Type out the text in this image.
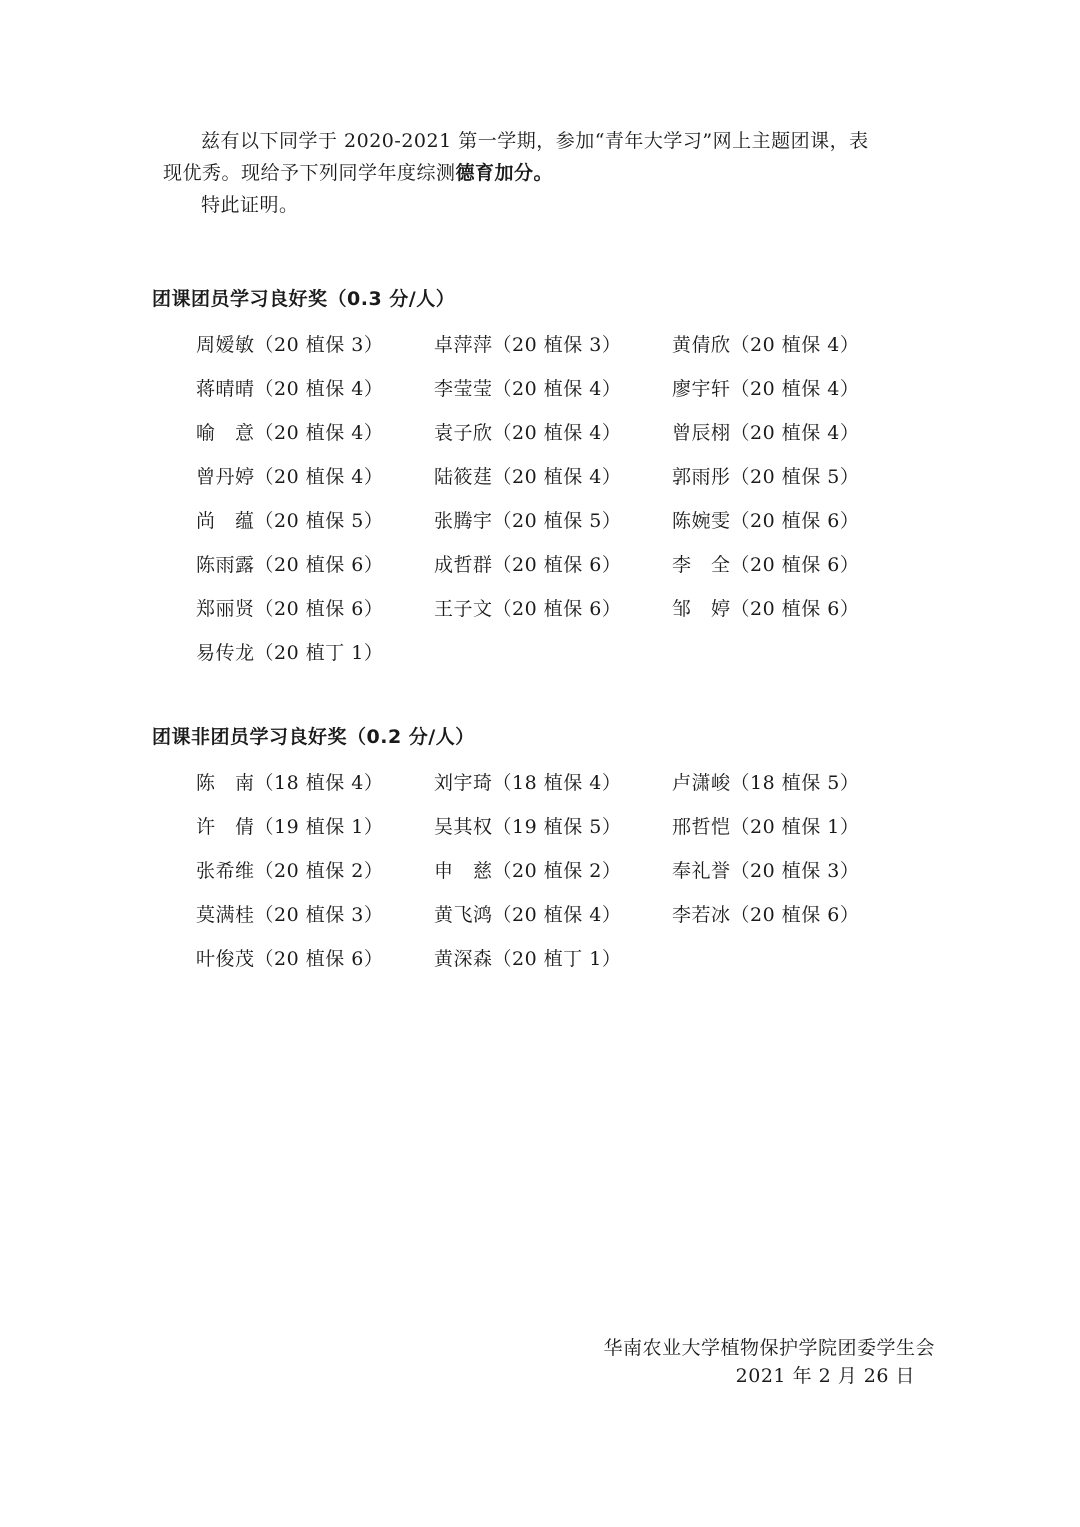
兹有以下同学于 2020-2021 第一学期，参加“青年大学习”网上主题团课，表

现优秀。现给予下列同学年度综测德育加分。

特此证明。

团课团员学习良好奖（0.3 分/人）
周嫒敏（20 植保 3）	卓萍萍（20 植保 3）	黄倩欣（20 植保 4）
蒋晴晴（20 植保 4）	李莹莹（20 植保 4）	廖宇轩（20 植保 4）
喻　意（20 植保 4）	袁子欣（20 植保 4）	曾辰栩（20 植保 4）
曾丹婷（20 植保 4）	陆筱莛（20 植保 4）	郭雨彤（20 植保 5）
尚　蕴（20 植保 5）	张腾宇（20 植保 5）	陈婉雯（20 植保 6）
陈雨露（20 植保 6）	成哲群（20 植保 6）	李　全（20 植保 6）
郑丽贤（20 植保 6）	王子文（20 植保 6）	邹　婷（20 植保 6）
易传龙（20 植丁 1）
团课非团员学习良好奖（0.2 分/人）
陈　南（18 植保 4）	刘宇琦（18 植保 4）	卢潇峻（18 植保 5）
许　倩（19 植保 1）	吴其权（19 植保 5）	邢哲恺（20 植保 1）
张希维（20 植保 2）	申　慈（20 植保 2）	奉礼誉（20 植保 3）
莫满桂（20 植保 3）	黄飞鸿（20 植保 4）	李若冰（20 植保 6）
叶俊茂（20 植保 6）	黄深森（20 植丁 1）
华南农业大学植物保护学院团委学生会
2021 年 2 月 26 日
